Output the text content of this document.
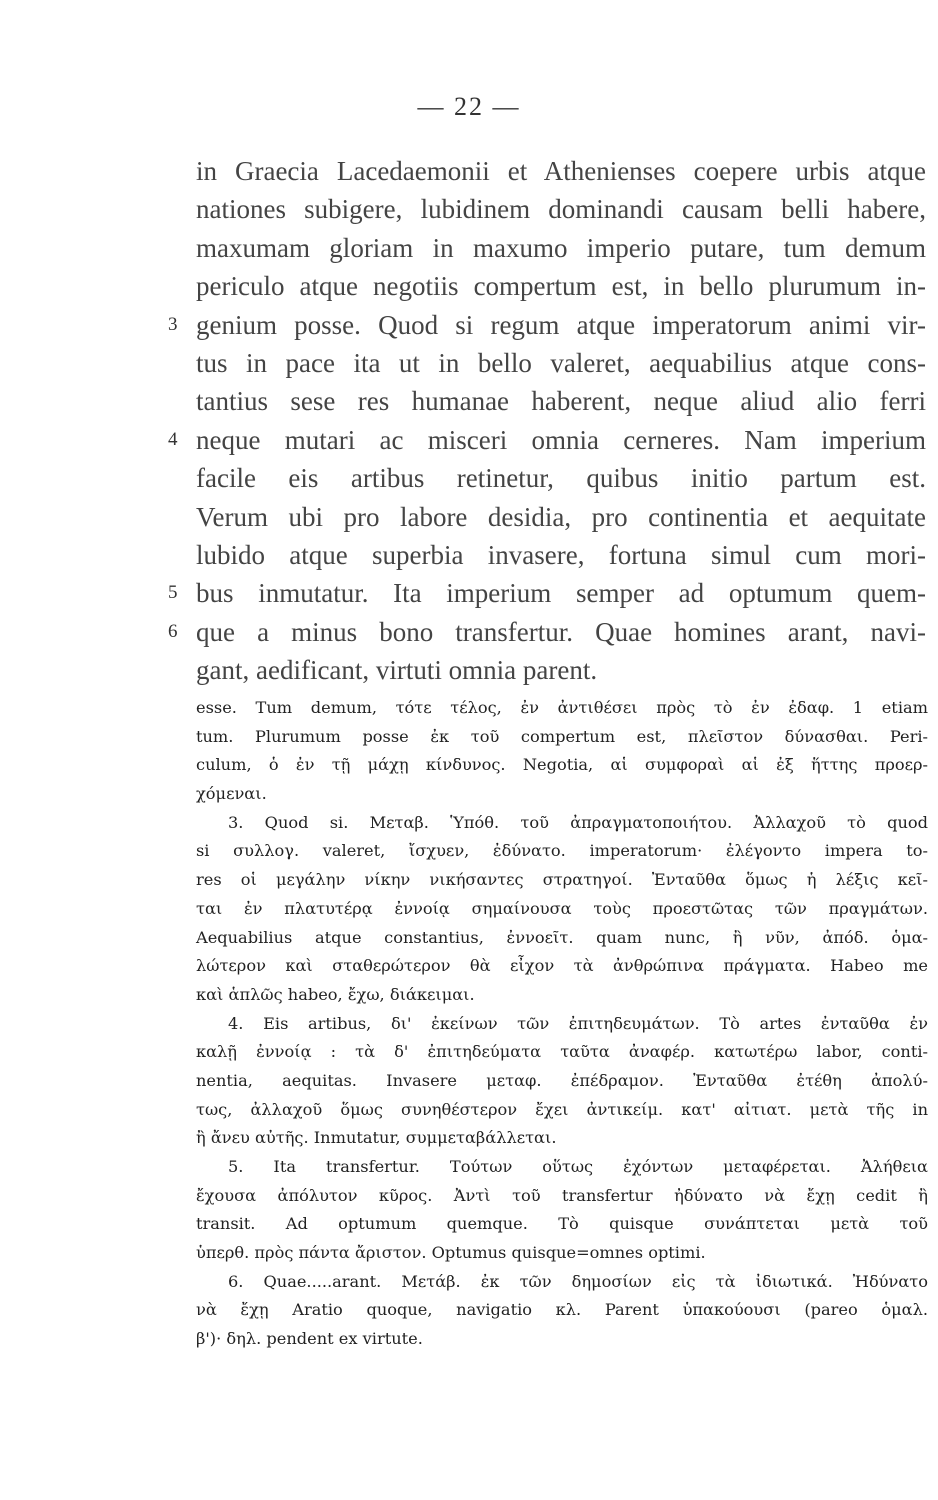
— 22 —
in Graecia Lacedaemonii et Athenienses coepere urbis atque
nationes subigere, lubidinem dominandi causam belli habere,
maxumam gloriam in maxumo imperio putare, tum demum
periculo atque negotiis compertum est, in bello plurumum in-
3 genium posse. Quod si regum atque imperatorum animi vir-
tus in pace ita ut in bello valeret, aequabilius atque cons-
tantius sese res humanae haberent, neque aliud alio ferri
4 neque mutari ac misceri omnia cerneres. Nam imperium
facile eis artibus retinetur, quibus initio partum est.
Verum ubi pro labore desidia, pro continentia et aequitate
lubido atque superbia invasere, fortuna simul cum mori-
5 bus inmutatur. Ita imperium semper ad optumum quem-
6 que a minus bono transfertur. Quae homines arant, navi-
gant, aedificant, virtuti omnia parent.
esse. Tum demum, τότε τέλος, ἐν ἀντιθέσει πρὸς τὸ ἐν ἐδαφ. 1 etiam
tum. Plurumum posse ἐκ τοῦ compertum est, πλεῖστον δύνασθαι. Peri-
culum, ὁ ἐν τῇ μάχῃ κίνδυνος. Negotia, αἱ συμφοραὶ αἱ ἐξ ἥττης προερ-
χόμεναι.
3. Quod si. Μεταβ. Ὑπόθ. τοῦ ἀπραγματοποιήτου. Ἀλλαχοῦ τὸ quod
si συλλογ. valeret, ἴσχυεν, ἐδύνατο. imperatorum· ἐλέγοντο impera to-
res οἱ μεγάλην νίκην νικήσαντες στρατηγοί. Ἐνταῦθα ὅμως ἡ λέξις κεῖ-
ται ἐν πλατυτέρᾳ ἐννοίᾳ σημαίνουσα τοὺς προεστῶτας τῶν πραγμάτων.
Aequabilius atque constantius, ἐννοεῖτ. quam nunc, ἢ νῦν, ἀπόδ. ὁμα-
λώτερον καὶ σταθερώτερον θὰ εἶχον τὰ ἀνθρώπινα πράγματα. Habeo me
καὶ ἁπλῶς habeo, ἔχω, διάκειμαι.
4. Eis artibus, δι' ἐκείνων τῶν ἐπιτηδευμάτων. Τὸ artes ἐνταῦθα ἐν
καλῇ ἐννοίᾳ : τὰ δ' ἐπιτηδεύματα ταῦτα ἀναφέρ. κατωτέρω labor, conti-
nentia, aequitas. Invasere μεταφ. ἐπέδραμον. Ἐνταῦθα ἐτέθη ἀπολύ-
τως, ἀλλαχοῦ ὅμως συνηθέστερον ἔχει ἀντικείμ. κατ' αἰτιατ. μετὰ τῆς in
ἢ ἄνευ αὐτῆς. Inmutatur, συμμεταβάλλεται.
5. Ita transfertur. Τούτων οὕτως ἐχόντων μεταφέρεται. Ἀλήθεια
ἔχουσα ἀπόλυτον κῦρος. Ἀντὶ τοῦ transfertur ἠδύνατο νὰ ἔχῃ cedit ἢ
transit. Ad optumum quemque. Τὸ quisque συνάπτεται μετὰ τοῦ
ὑπερθ. πρὸς πάντα ἄριστον. Optumus quisque=omnes optimi.
6. Quae.....arant. Μετάβ. ἐκ τῶν δημοσίων εἰς τὰ ἰδιωτικά. Ἠδύνατο
νὰ ἔχῃ Aratio quoque, navigatio κλ. Parent ὑπακούουσι (pareo ὁμαλ.
β')· δηλ. pendent ex virtute.
